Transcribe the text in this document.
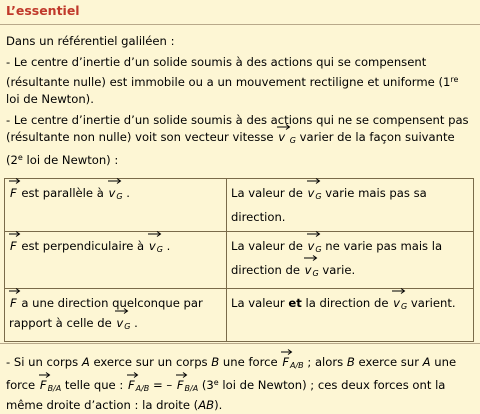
L’essentiel
Dans un référentiel galiléen :
- Le centre d’inertie d’un solide soumis à des actions qui se compensent (résultante nulle) est immobile ou a un mouvement rectiligne et uniforme (1re loi de Newton).
- Le centre d’inertie d’un solide soumis à des actions qui ne se compensent pas (résultante non nulle) voit son vecteur vitesse
v $_G$ varier de la façon suivante (2e loi de Newton) :
F est parallèle à
$v_G$ .	La valeur de
$v_G$ varie mais pas sa direction.

F est perpendiculaire à
$v_G$ .	La valeur de
$v_G$ ne varie pas mais la direction de
$v_G$ varie.

F a une direction quelconque par rapport à celle de
$v_G$ .	La valeur et la direction de
$v_G$ varient.
- Si un corps A exerce sur un corps B une force
$F_{A/B}$ ; alors B exerce sur A une force
$F_{B/A}$ telle que :
$F_{A/B}$ = –
$F_{B/A}$ (3e loi de Newton) ; ces deux forces ont la même droite d’action : la droite (AB).
